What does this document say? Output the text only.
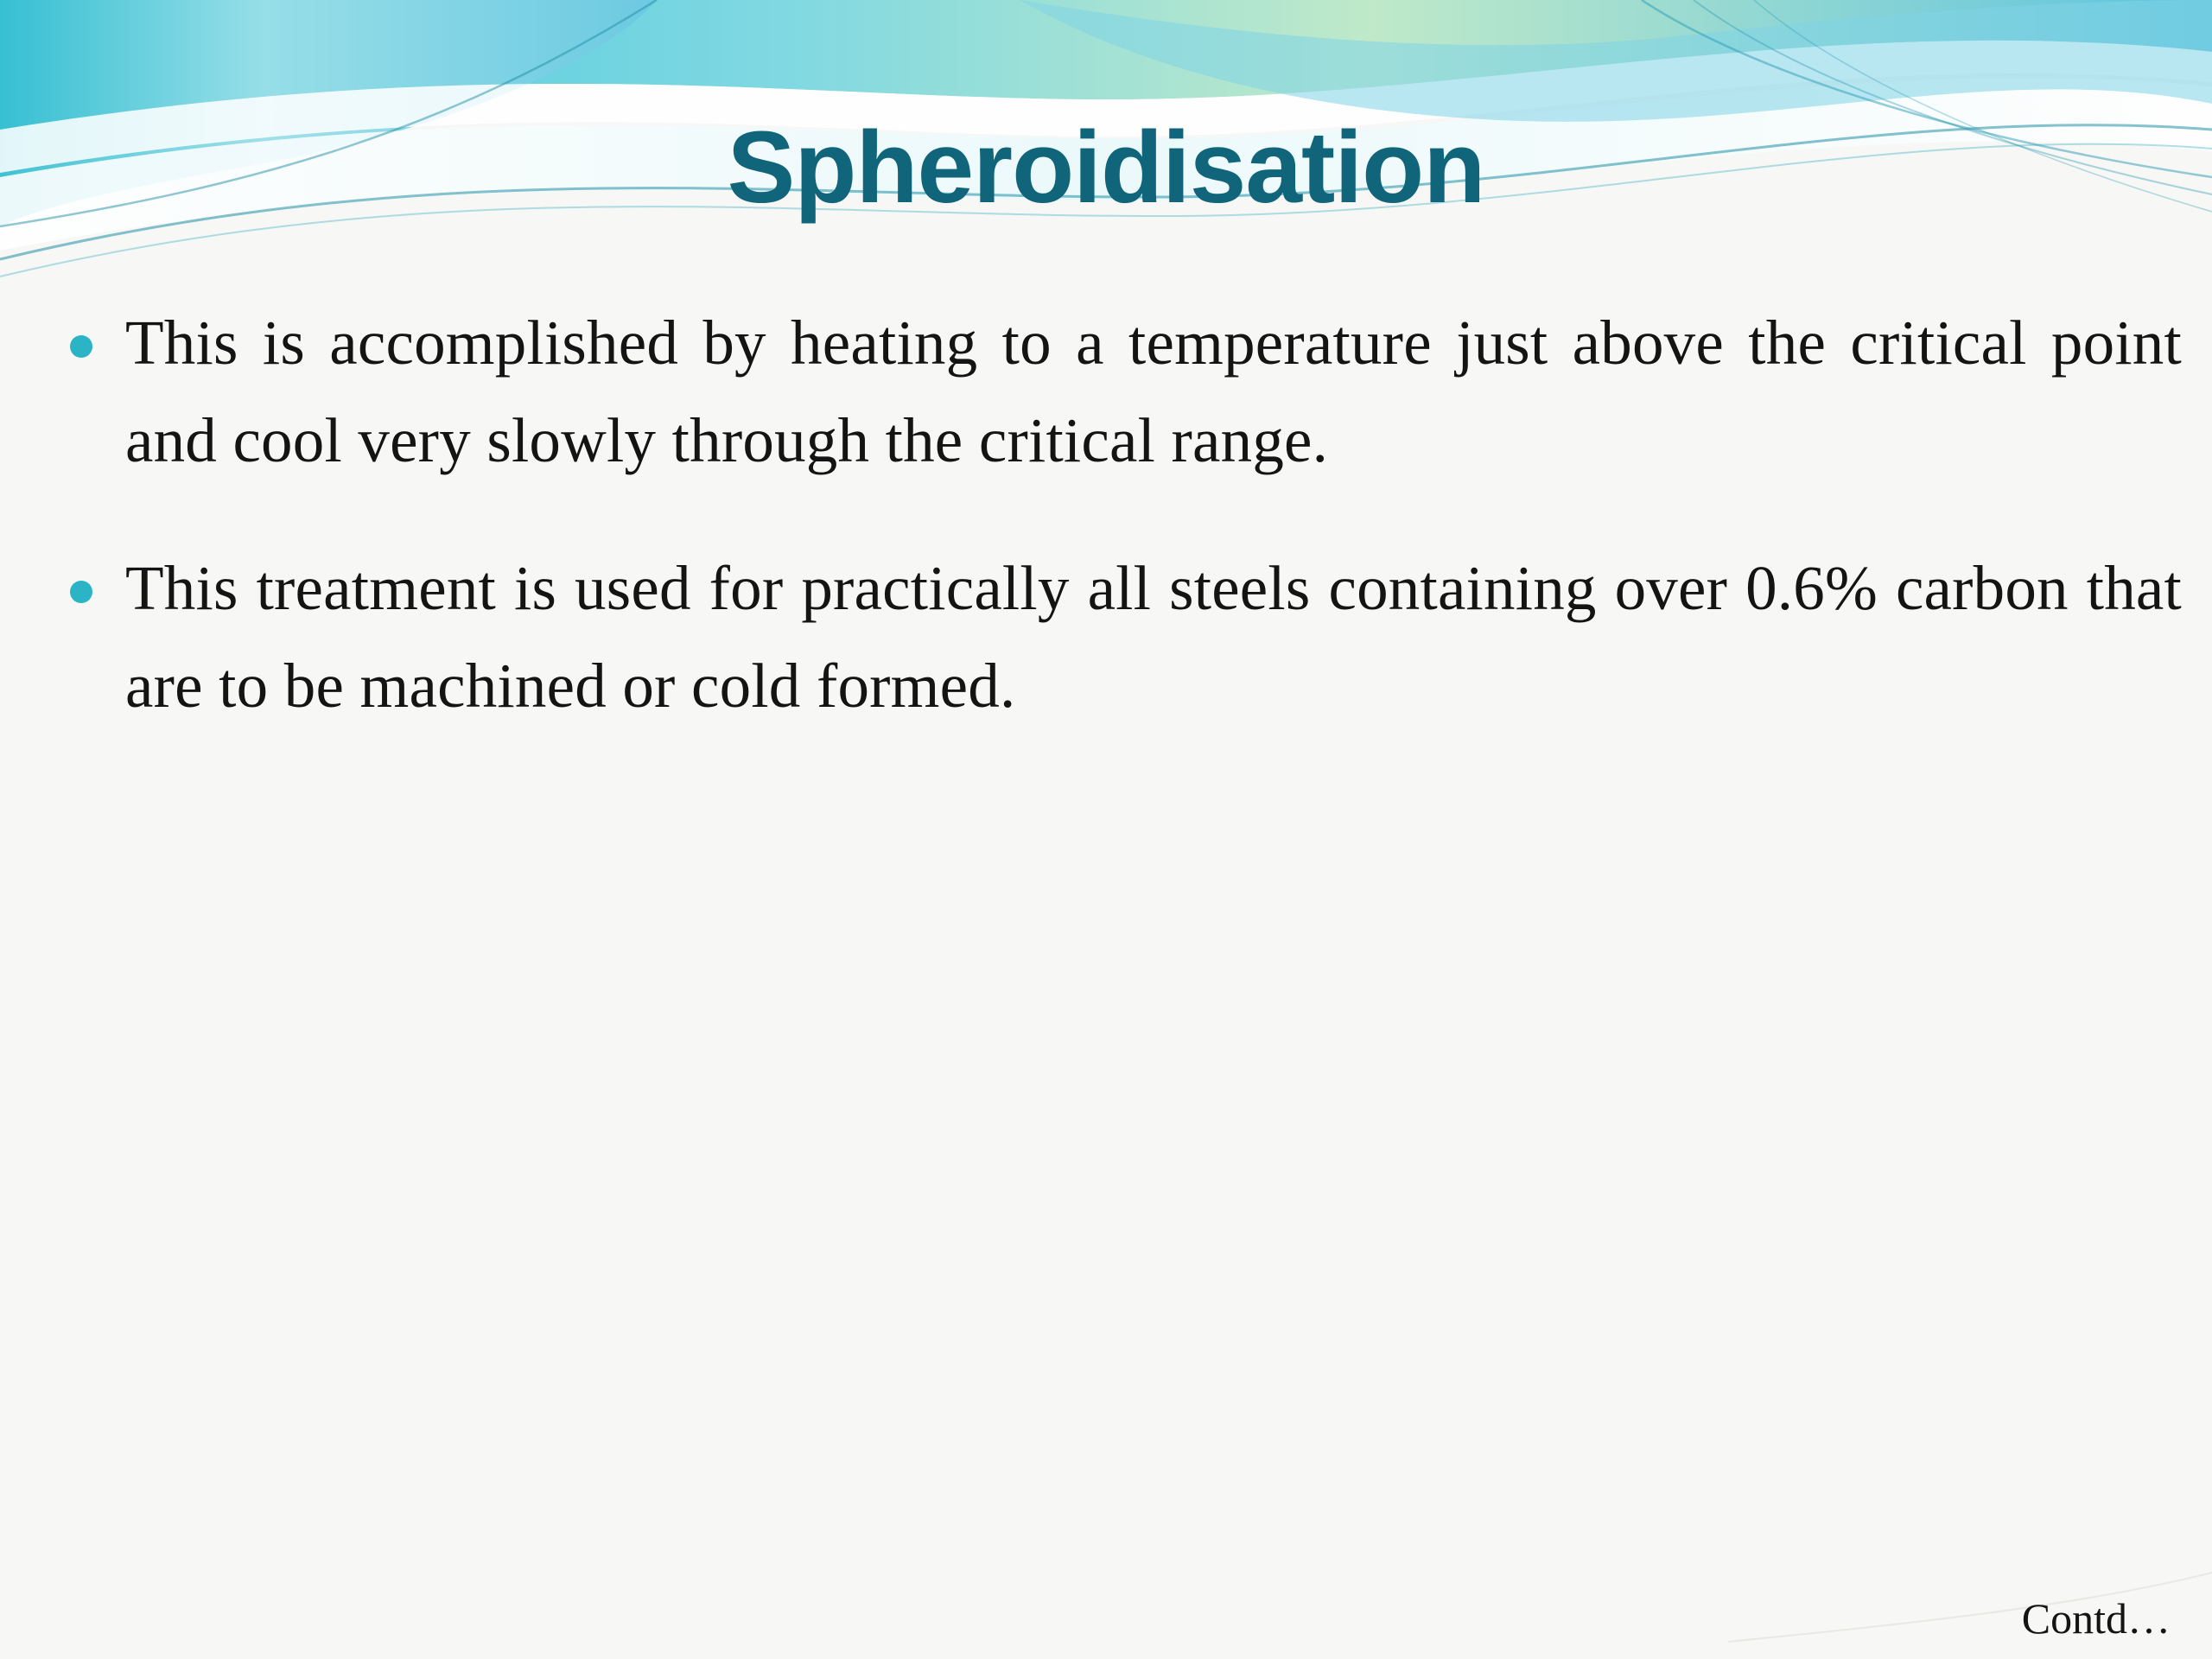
Spheroidisation
This is accomplished by heating to a temperature just above the critical point and cool very slowly through the critical range.
This treatment is used for practically all steels containing over 0.6% carbon that are to be machined or cold formed.
Contd…
